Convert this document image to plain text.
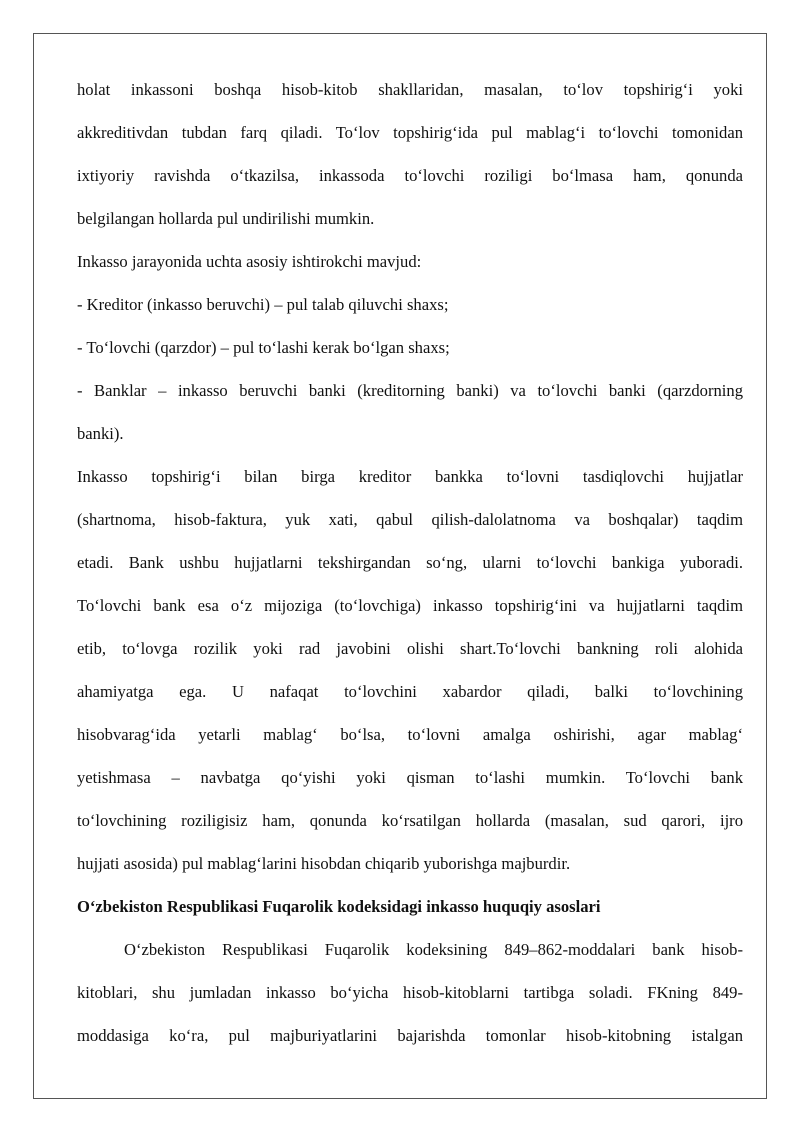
holat inkassoni boshqa hisob-kitob shakllaridan, masalan, to‘lov topshirig‘i yoki

akkreditivdan tubdan farq qiladi. To‘lov topshirig‘ida pul mablag‘i to‘lovchi tomonidan

ixtiyoriy ravishda o‘tkazilsa, inkassoda to‘lovchi roziligi bo‘lmasa ham, qonunda

belgilangan hollarda pul undirilishi mumkin.

Inkasso jarayonida uchta asosiy ishtirokchi mavjud:

- Kreditor (inkasso beruvchi) – pul talab qiluvchi shaxs;

- To‘lovchi (qarzdor) – pul to‘lashi kerak bo‘lgan shaxs;

- Banklar – inkasso beruvchi banki (kreditorning banki) va to‘lovchi banki (qarzdorning

banki).

Inkasso topshirig‘i bilan birga kreditor bankka to‘lovni tasdiqlovchi hujjatlar

(shartnoma, hisob-faktura, yuk xati, qabul qilish-dalolatnoma va boshqalar) taqdim

etadi. Bank ushbu hujjatlarni tekshirgandan so‘ng, ularni to‘lovchi bankiga yuboradi.

To‘lovchi bank esa o‘z mijoziga (to‘lovchiga) inkasso topshirig‘ini va hujjatlarni taqdim

etib, to‘lovga rozilik yoki rad javobini olishi shart.To‘lovchi bankning roli alohida

ahamiyatga ega. U nafaqat to‘lovchini xabardor qiladi, balki to‘lovchining

hisobvarag‘ida yetarli mablag‘ bo‘lsa, to‘lovni amalga oshirishi, agar mablag‘

yetishmasa – navbatga qo‘yishi yoki qisman to‘lashi mumkin. To‘lovchi bank

to‘lovchining roziligisiz ham, qonunda ko‘rsatilgan hollarda (masalan, sud qarori, ijro

hujjati asosida) pul mablag‘larini hisobdan chiqarib yuborishga majburdir.

O‘zbekiston Respublikasi Fuqarolik kodeksidagi inkasso huquqiy asoslari

O‘zbekiston Respublikasi Fuqarolik kodeksining 849–862-moddalari bank hisob-

kitoblari, shu jumladan inkasso bo‘yicha hisob-kitoblarni tartibga soladi. FKning 849-

moddasiga ko‘ra, pul majburiyatlarini bajarishda tomonlar hisob-kitobning istalgan
